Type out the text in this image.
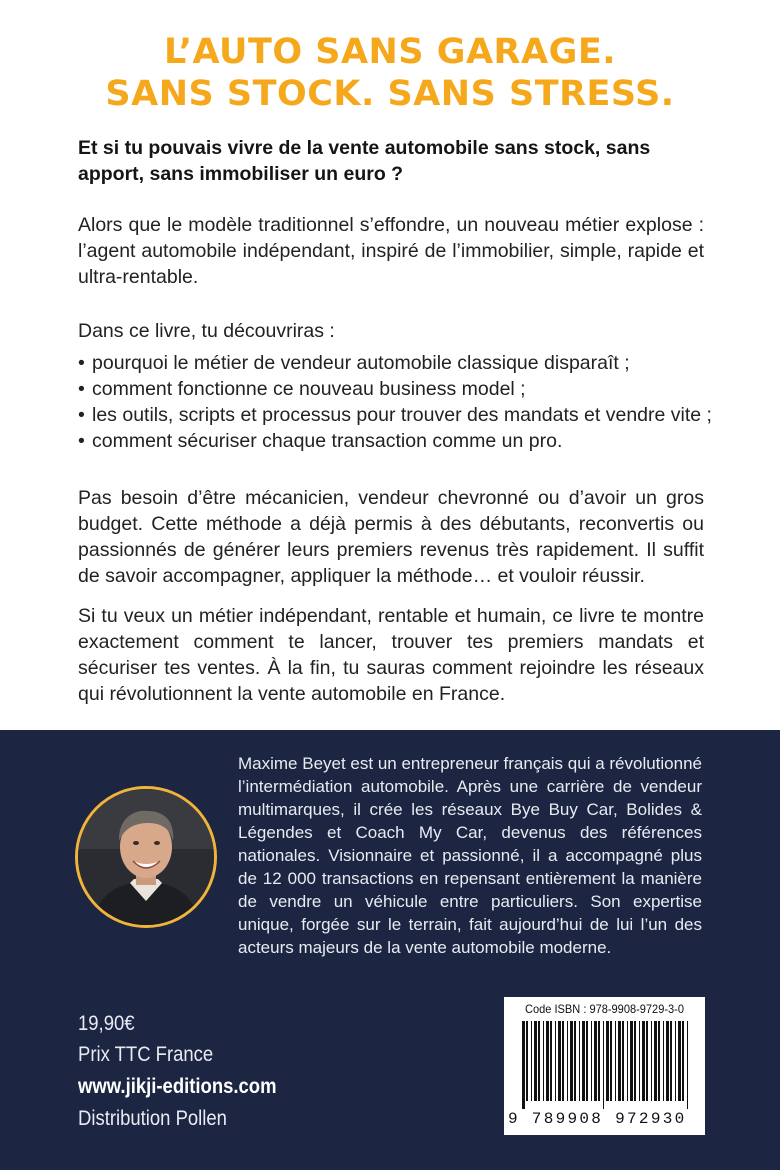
L’AUTO SANS GARAGE.
SANS STOCK. SANS STRESS.
Et si tu pouvais vivre de la vente automobile sans stock, sans apport, sans immobiliser un euro ?
Alors que le modèle traditionnel s’effondre, un nouveau métier explose : l’agent automobile indépendant, inspiré de l’immobilier, simple, rapide et ultra-rentable.
Dans ce livre, tu découvriras :
• pourquoi le métier de vendeur automobile classique disparaît ;
• comment fonctionne ce nouveau business model ;
• les outils, scripts et processus pour trouver des mandats et vendre vite ;
• comment sécuriser chaque transaction comme un pro.
Pas besoin d’être mécanicien, vendeur chevronné ou d’avoir un gros budget. Cette méthode a déjà permis à des débutants, reconvertis ou passionnés de générer leurs premiers revenus très rapidement. Il suffit de savoir accompagner, appliquer la méthode… et vouloir réussir.
Si tu veux un métier indépendant, rentable et humain, ce livre te montre exactement comment te lancer, trouver tes premiers mandats et sécuriser tes ventes. À la fin, tu sauras comment rejoindre les réseaux qui révolutionnent la vente automobile en France.
Maxime Beyet est un entrepreneur français qui a révolutionné l’intermédiation automobile. Après une carrière de vendeur multimarques, il crée les réseaux Bye Buy Car, Bolides & Légendes et Coach My Car, devenus des références nationales. Visionnaire et passionné, il a accompagné plus de 12 000 transactions en repensant entièrement la manière de vendre un véhicule entre particuliers. Son expertise unique, forgée sur le terrain, fait aujourd’hui de lui l’un des acteurs majeurs de la vente automobile moderne.
19,90€
Prix TTC France
www.jikji-editions.com
Distribution Pollen
Code ISBN : 978-9908-9729-3-0
9 789908 972930
